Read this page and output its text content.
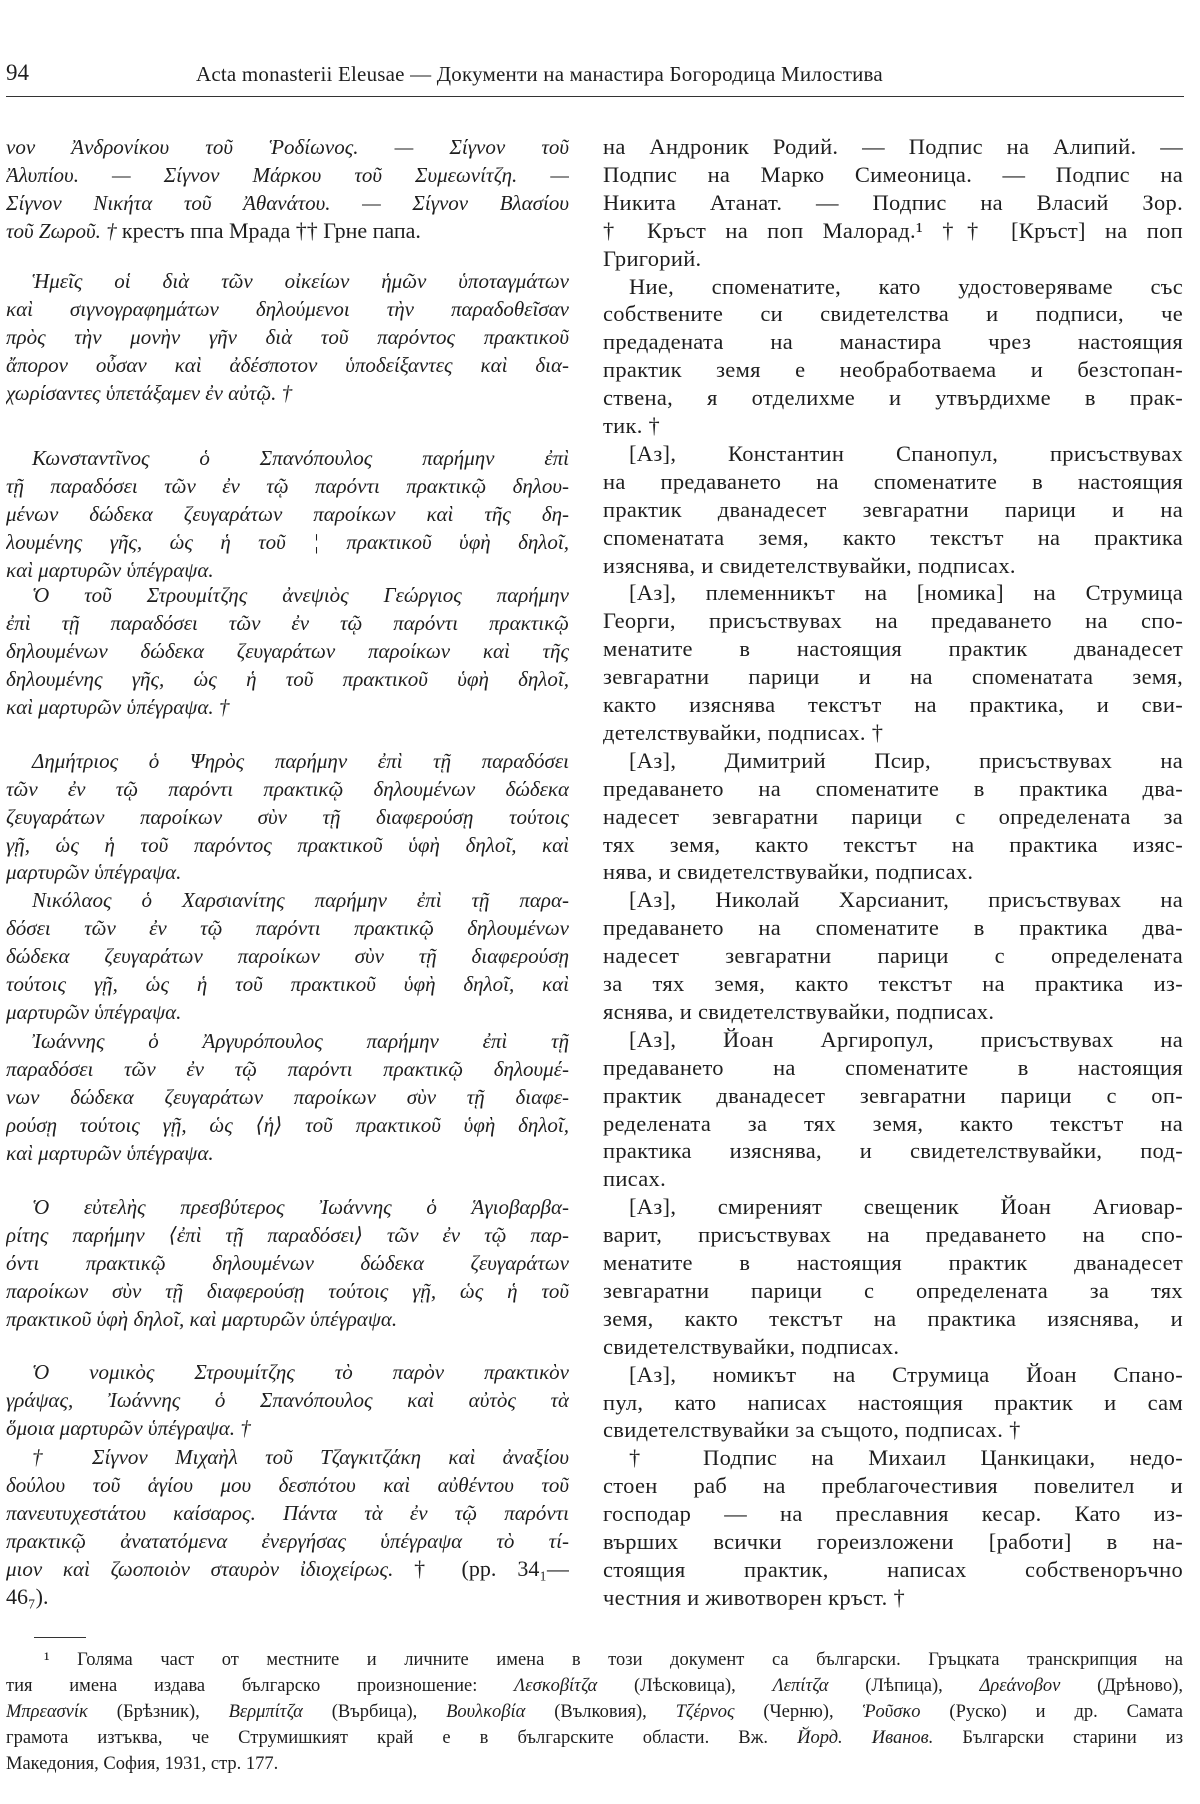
94	Acta monasterii Eleusae — Документи на манастира Богородица Милостива
νον Ἀνδρονίκου τοῦ Ῥοδίωνος. — Σίγνον τοῦ
Ἀλυπίου. — Σίγνον Μάρκου τοῦ Συμεωνίτζη. —
Σίγνον Νικήτα τοῦ Ἀθανάτου. — Σίγνον Βλασίου
τοῦ Ζωροῦ. † крестъ ппа Мрада †† Грне папа.
Ἡμεῖς οἱ διὰ τῶν οἰκείων ἡμῶν ὑποταγμάτων
καὶ σιγνογραφημάτων δηλούμενοι τὴν παραδοθεῖσαν
πρὸς τὴν μονὴν γῆν διὰ τοῦ παρόντος πρακτικοῦ
ἄπορον οὖσαν καὶ ἀδέσποτον ὑποδείξαντες καὶ δια-
χωρίσαντες ὑπετάξαμεν ἐν αὐτῷ. †
Κωνσταντῖνος ὁ Σπανόπουλος παρήμην ἐπὶ
τῇ παραδόσει τῶν ἐν τῷ παρόντι πρακτικῷ δηλου-
μένων δώδεκα ζευγαράτων παροίκων καὶ τῆς δη-
λουμένης γῆς, ὡς ἡ τοῦ ¦ πρακτικοῦ ὑφὴ δηλοῖ,
καὶ μαρτυρῶν ὑπέγραψα.
Ὁ τοῦ Στρουμίτζης ἀνεψιὸς Γεώργιος παρήμην
ἐπὶ τῇ παραδόσει τῶν ἐν τῷ παρόντι πρακτικῷ
δηλουμένων δώδεκα ζευγαράτων παροίκων καὶ τῆς
δηλουμένης γῆς, ὡς ἡ τοῦ πρακτικοῦ ὑφὴ δηλοῖ,
καὶ μαρτυρῶν ὑπέγραψα. †
Δημήτριος ὁ Ψηρὸς παρήμην ἐπὶ τῇ παραδόσει
τῶν ἐν τῷ παρόντι πρακτικῷ δηλουμένων δώδεκα
ζευγαράτων παροίκων σὺν τῇ διαφερούσῃ τούτοις
γῇ, ὡς ἡ τοῦ παρόντος πρακτικοῦ ὑφὴ δηλοῖ, καὶ
μαρτυρῶν ὑπέγραψα.
Νικόλαος ὁ Χαρσιανίτης παρήμην ἐπὶ τῇ παρα-
δόσει τῶν ἐν τῷ παρόντι πρακτικῷ δηλουμένων
δώδεκα ζευγαράτων παροίκων σὺν τῇ διαφερούσῃ
τούτοις γῇ, ὡς ἡ τοῦ πρακτικοῦ ὑφὴ δηλοῖ, καὶ
μαρτυρῶν ὑπέγραψα.
Ἰωάννης ὁ Ἀργυρόπουλος παρήμην ἐπὶ τῇ
παραδόσει τῶν ἐν τῷ παρόντι πρακτικῷ δηλουμέ-
νων δώδεκα ζευγαράτων παροίκων σὺν τῇ διαφε-
ρούσῃ τούτοις γῇ, ὡς ⟨ἡ⟩ τοῦ πρακτικοῦ ὑφὴ δηλοῖ,
καὶ μαρτυρῶν ὑπέγραψα.
Ὁ εὐτελὴς πρεσβύτερος Ἰωάννης ὁ Ἁγιοβαρβα-
ρίτης παρήμην ⟨ἐπὶ τῇ παραδόσει⟩ τῶν ἐν τῷ παρ-
όντι πρακτικῷ δηλουμένων δώδεκα ζευγαράτων
παροίκων σὺν τῇ διαφερούσῃ τούτοις γῇ, ὡς ἡ τοῦ
πρακτικοῦ ὑφὴ δηλοῖ, καὶ μαρτυρῶν ὑπέγραψα.
Ὁ νομικὸς Στρουμίτζης τὸ παρὸν πρακτικὸν
γράψας, Ἰωάννης ὁ Σπανόπουλος καὶ αὐτὸς τὰ
ὅμοια μαρτυρῶν ὑπέγραψα. †
† Σίγνον Μιχαὴλ τοῦ Τζαγκιτζάκη καὶ ἀναξίου
δούλου τοῦ ἁγίου μου δεσπότου καὶ αὐθέντου τοῦ
πανευτυχεστάτου καίσαρος. Πάντα τὰ ἐν τῷ παρόντι
πρακτικῷ ἀνατατόμενα ἐνεργήσας ὑπέγραψα τὸ τί-
μιον καὶ ζωοποιὸν σταυρὸν ἰδιοχείρως. † (pp. 34₁—
46₇).
на Андроник Родий. — Подпис на Алипий. —
Подпис на Марко Симеоница. — Подпис на
Никита Атанат. — Подпис на Власий Зор.
† Кръст на поп Малорад.¹ †† [Кръст] на поп
Григорий.
Ние, споменатите, като удостоверяваме със
собствените си свидетелства и подписи, че
предадената на манастира чрез настоящия
практик земя е необработваема и безстопан-
ствена, я отделихме и утвърдихме в прак-
тик. †
[Аз], Константин Спанопул, присъствувах
на предаването на споменатите в настоящия
практик дванадесет зевгаратни парици и на
споменатата земя, както текстът на практика
изяснява, и свидетелствувайки, подписах.
[Аз], племенникът на [номика] на Струмица
Георги, присъствувах на предаването на спо-
менатите в настоящия практик дванадесет
зевгаратни парици и на споменатата земя,
както изяснява текстът на практика, и сви-
детелствувайки, подписах. †
[Аз], Димитрий Псир, присъствувах на
предаването на споменатите в практика два-
надесет зевгаратни парици с определената за
тях земя, както текстът на практика изяс-
нява, и свидетелствувайки, подписах.
[Аз], Николай Харсианит, присъствувах на
предаването на споменатите в практика два-
надесет зевгаратни парици с определената
за тях земя, както текстът на практика из-
яснява, и свидетелствувайки, подписах.
[Аз], Йоан Аргиропул, присъствувах на
предаването на споменатите в настоящия
практик дванадесет зевгаратни парици с оп-
ределената за тях земя, както текстът на
практика изяснява, и свидетелствувайки, под-
писах.
[Аз], смиреният свещеник Йоан Агиовар-
варит, присъствувах на предаването на спо-
менатите в настоящия практик дванадесет
зевгаратни парици с определената за тях
земя, както текстът на практика изяснява, и
свидетелствувайки, подписах.
[Аз], номикът на Струмица Йоан Спано-
пул, като написах настоящия практик и сам
свидетелствувайки за същото, подписах. †
† Подпис на Михаил Цанкицаки, недо-
стоен раб на преблагочестивия повелител и
господар — на преславния кесар. Като из-
върших всички гореизложени [работи] в на-
стоящия практик, написах собственоръчно
честния и животворен кръст. †
¹ Голяма част от местните и личните имена в този документ са български. Гръцката транскрипция на
тия имена издава българско произношение: Λεσκοβίτζα (Лѣсковица), Λεπίτζα (Лѣпица), Δρεάνοβον (Дрѣново),
Μπρεασνίκ (Брѣзник), Βερμπίτζα (Върбица), Βουλκοβία (Вълковия), Τζέρνος (Черню), Ῥοῦσκο (Руско) и др. Самата
грамота изтъква, че Струмишкият край е в българските области. Вж. Йорд. Иванов. Български старини из
Македония, София, 1931, стр. 177.
